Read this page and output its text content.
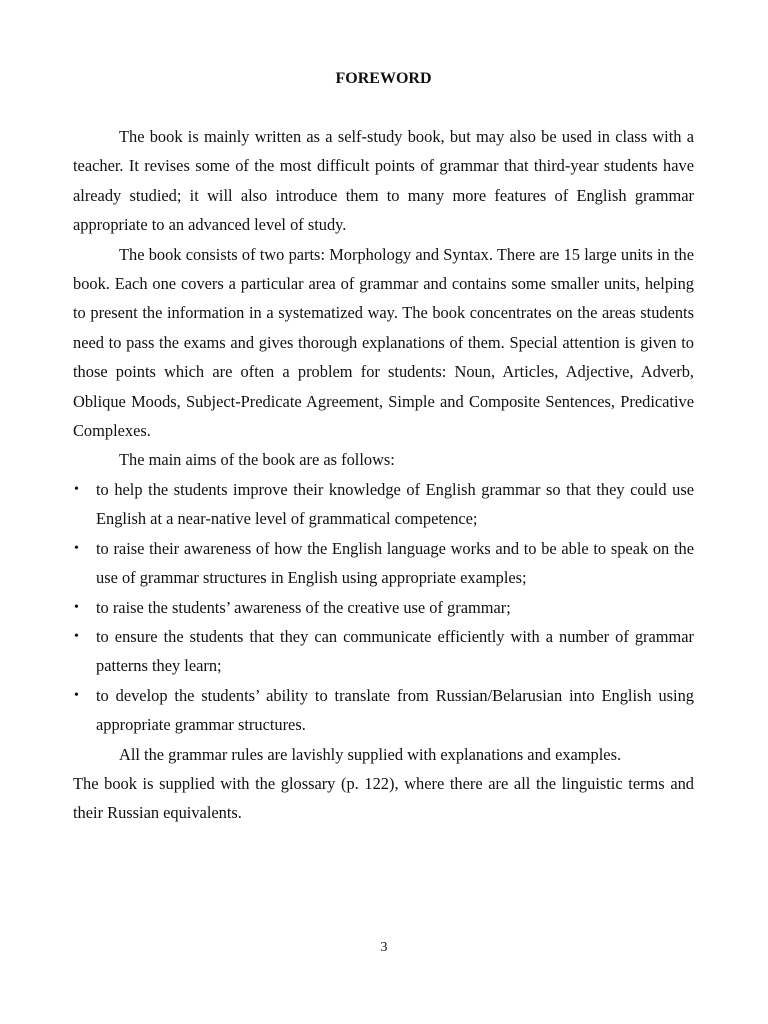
FOREWORD

The book is mainly written as a self-study book, but may also be used in class with a teacher. It revises some of the most difficult points of grammar that third-year students have already studied; it will also introduce them to many more features of English grammar appropriate to an advanced level of study.

The book consists of two parts: Morphology and Syntax. There are 15 large units in the book. Each one covers a particular area of grammar and contains some smaller units, helping to present the information in a systematized way. The book concentrates on the areas students need to pass the exams and gives thorough explanations of them. Special attention is given to those points which are often a problem for students: Noun, Articles, Adjective, Adverb, Oblique Moods, Subject-Predicate Agreement, Simple and Composite Sentences, Predicative Complexes.

The main aims of the book are as follows:

• to help the students improve their knowledge of English grammar so that they could use English at a near-native level of grammatical competence;
• to raise their awareness of how the English language works and to be able to speak on the use of grammar structures in English using appropriate examples;
• to raise the students’ awareness of the creative use of grammar;
• to ensure the students that they can communicate efficiently with a number of grammar patterns they learn;
• to develop the students’ ability to translate from Russian/Belarusian into English using appropriate grammar structures.

All the grammar rules are lavishly supplied with explanations and examples.

The book is supplied with the glossary (p. 122), where there are all the linguistic terms and their Russian equivalents.

3
